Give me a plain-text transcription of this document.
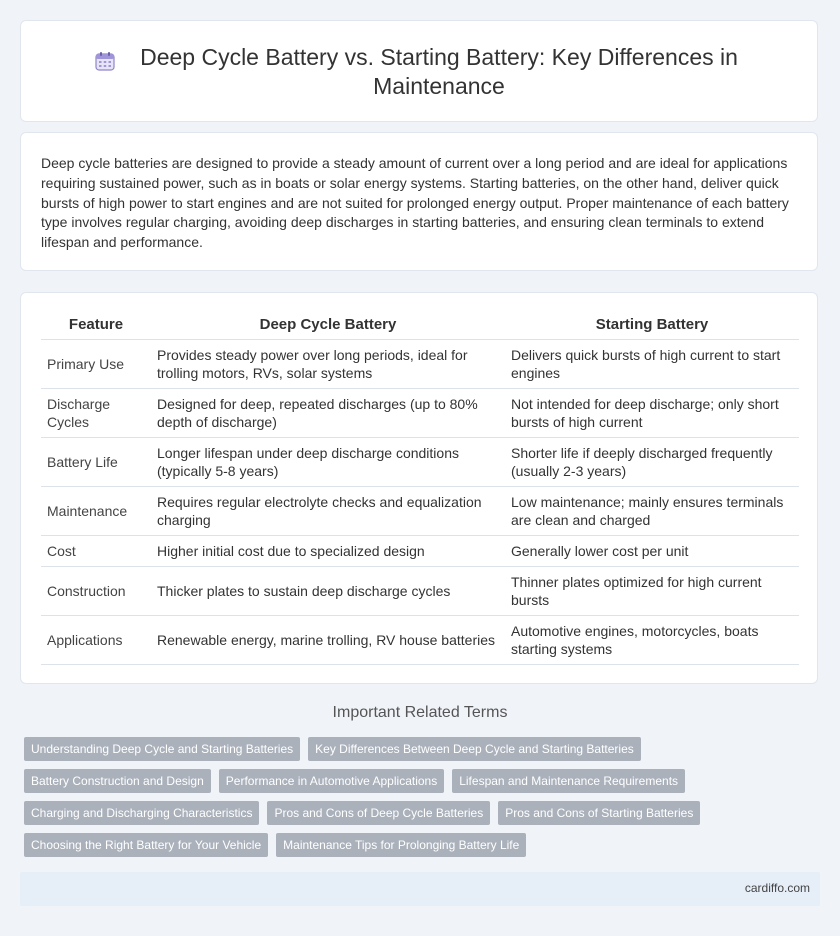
Deep Cycle Battery vs. Starting Battery: Key Differences in Maintenance

Deep cycle batteries are designed to provide a steady amount of current over a long period and are ideal for applications requiring sustained power, such as in boats or solar energy systems. Starting batteries, on the other hand, deliver quick bursts of high power to start engines and are not suited for prolonged energy output. Proper maintenance of each battery type involves regular charging, avoiding deep discharges in starting batteries, and ensuring clean terminals to extend lifespan and performance.

Feature	Deep Cycle Battery	Starting Battery
Primary Use	Provides steady power over long periods, ideal for trolling motors, RVs, solar systems	Delivers quick bursts of high current to start engines
Discharge Cycles	Designed for deep, repeated discharges (up to 80% depth of discharge)	Not intended for deep discharge; only short bursts of high current
Battery Life	Longer lifespan under deep discharge conditions (typically 5-8 years)	Shorter life if deeply discharged frequently (usually 2-3 years)
Maintenance	Requires regular electrolyte checks and equalization charging	Low maintenance; mainly ensures terminals are clean and charged
Cost	Higher initial cost due to specialized design	Generally lower cost per unit
Construction	Thicker plates to sustain deep discharge cycles	Thinner plates optimized for high current bursts
Applications	Renewable energy, marine trolling, RV house batteries	Automotive engines, motorcycles, boats starting systems
Important Related Terms
Understanding Deep Cycle and Starting Batteries	Key Differences Between Deep Cycle and Starting Batteries
Battery Construction and Design	Performance in Automotive Applications	Lifespan and Maintenance Requirements
Charging and Discharging Characteristics	Pros and Cons of Deep Cycle Batteries	Pros and Cons of Starting Batteries
Choosing the Right Battery for Your Vehicle	Maintenance Tips for Prolonging Battery Life
cardiffo.com
